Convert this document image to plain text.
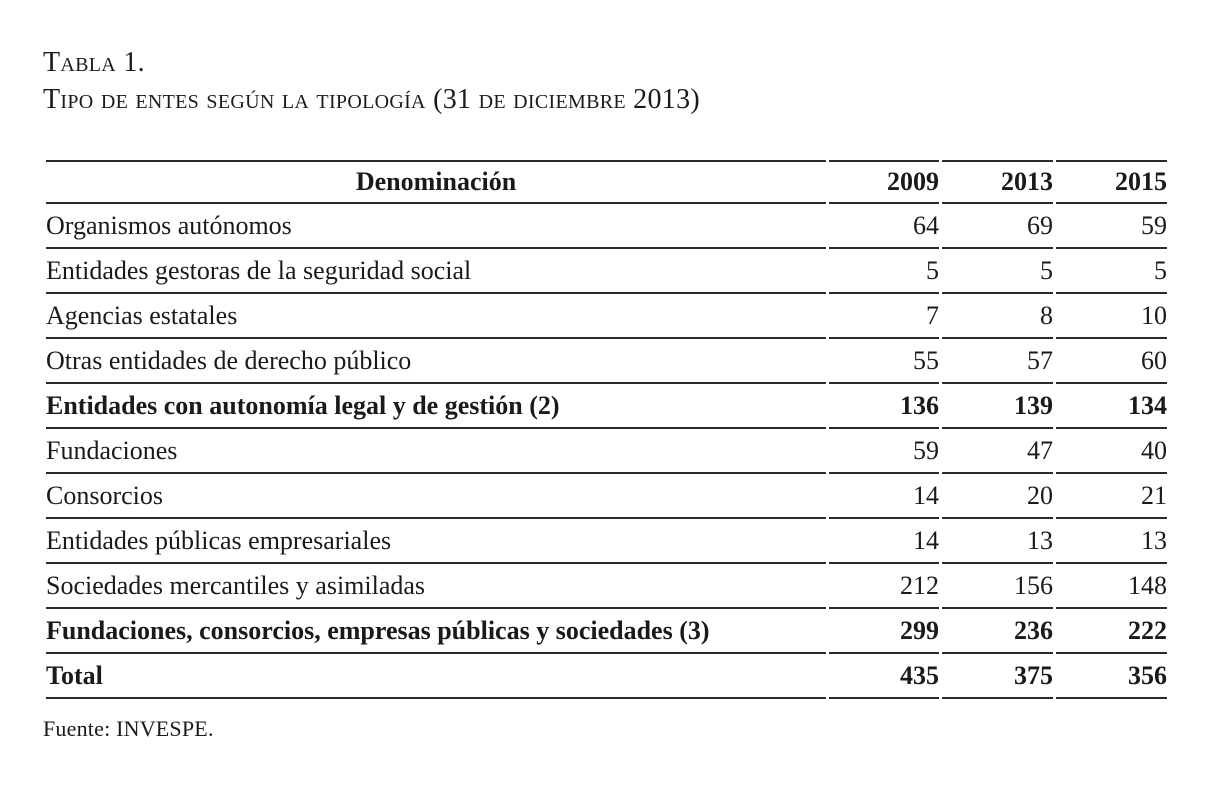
Tabla 1.
Tipo de entes según la tipología (31 de diciembre 2013)
Denominación	2009	2013	2015
Organismos autónomos	64	69	59
Entidades gestoras de la seguridad social	5	5	5
Agencias estatales	7	8	10
Otras entidades de derecho público	55	57	60
Entidades con autonomía legal y de gestión (2)	136	139	134
Fundaciones	59	47	40
Consorcios	14	20	21
Entidades públicas empresariales	14	13	13
Sociedades mercantiles y asimiladas	212	156	148
Fundaciones, consorcios, empresas públicas y sociedades (3)	299	236	222
Total	435	375	356
Fuente: INVESPE.
